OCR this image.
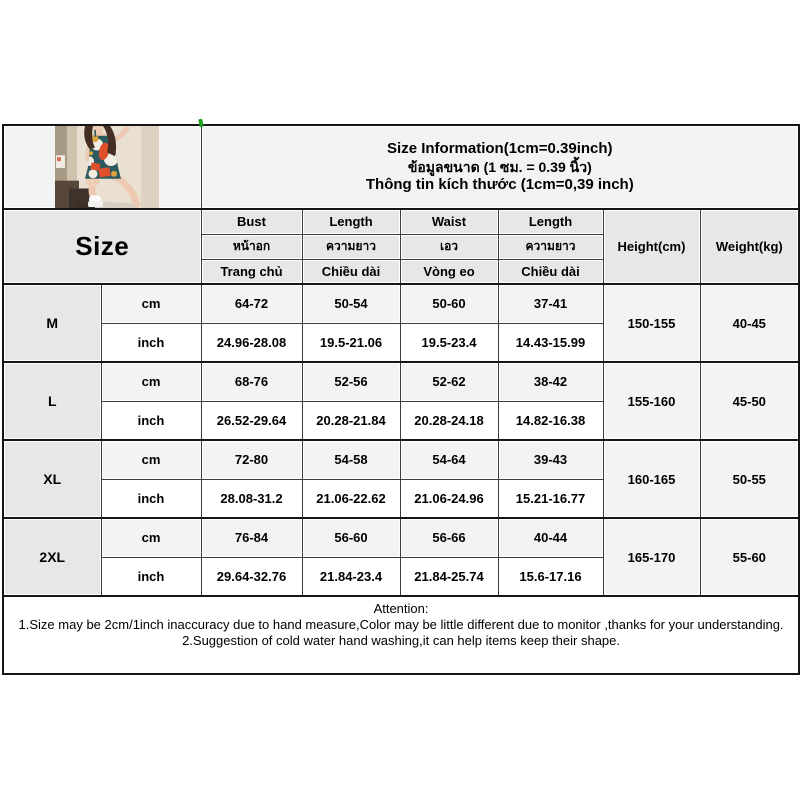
Size Information(1cm=0.39inch)
ข้อมูลขนาด (1 ซม. = 0.39 นิ้ว)
Thông tin kích thước (1cm=0,39 inch)					

Size		Bust	Length	Waist	Length	Height(cm)	Weight(kg)
		หน้าอก	ความยาว	เอว	ความยาว		
		Trang chủ	Chiều dài	Vòng eo	Chiều dài		
M	cm	64-72	50-54	50-60	37-41	150-155	40-45
	inch	24.96-28.08	19.5-21.06	19.5-23.4	14.43-15.99		
L	cm	68-76	52-56	52-62	38-42	155-160	45-50
	inch	26.52-29.64	20.28-21.84	20.28-24.18	14.82-16.38		
XL	cm	72-80	54-58	54-64	39-43	160-165	50-55
	inch	28.08-31.2	21.06-22.62	21.06-24.96	15.21-16.77		
2XL	cm	76-84	56-60	56-66	40-44	165-170	55-60
	inch	29.64-32.76	21.84-23.4	21.84-25.74	15.6-17.16		

Attention:
1.Size may be 2cm/1inch inaccuracy due to hand measure,Color may be little different due to monitor ,thanks for your understanding.
2.Suggestion of cold water hand washing,it can help items keep their shape.							
